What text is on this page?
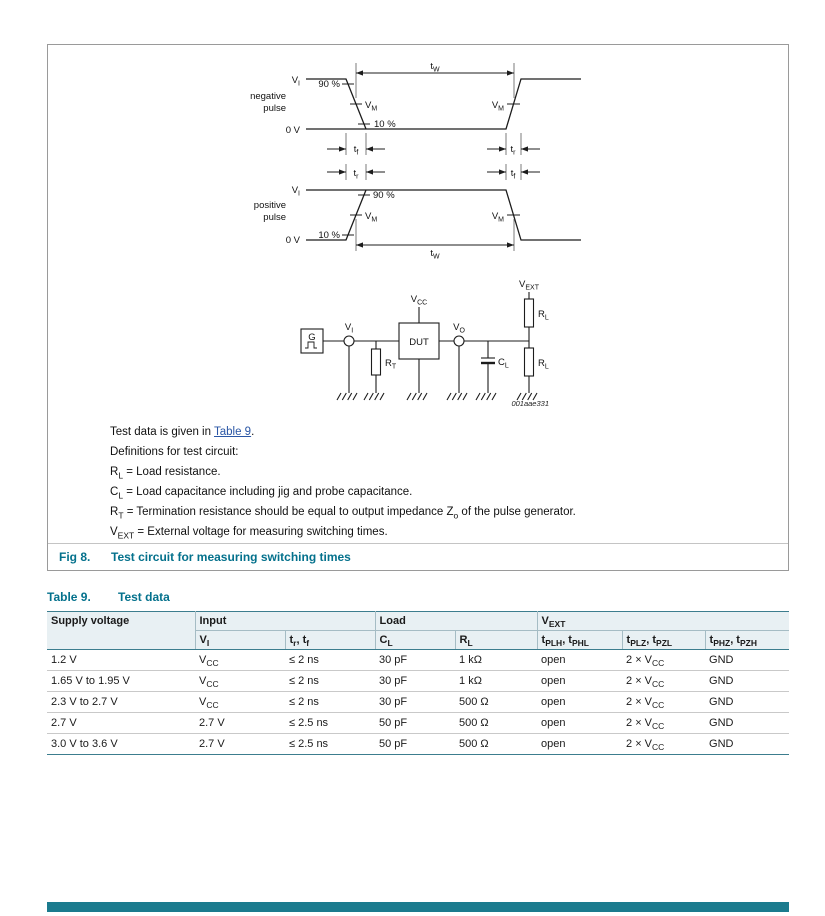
$V_I$
negative
pulse
0 V
90 %
$V_M$
10 %
$V_M$
$t_W$
$t_f$	$t_r$
$t_r$	$t_f$
$V_I$
positive
pulse
0 V 10 %
90 %
$V_M$	$V_M$
$t_W$
G	DUT
$V_{CC}$
$V_{EXT}$
$V_I$	$V_O$
$R_T$	$C_L$
$R_L$
$R_L$
001aae331

Test data is given in Table 9.

Definitions for test circuit:

$R_L$ = Load resistance.

$C_L$ = Load capacitance including jig and probe capacitance.

$R_T$ = Termination resistance should be equal to output impedance $Z_o$ of the pulse generator.

$V_{EXT}$ = External voltage for measuring switching times.

Fig 8.	Test circuit for measuring switching times
Table 9. Test data
Supply voltage	Input		Load		$V_{EXT}$
	$V_I$	$t_r$, $t_f$	$C_L$	$R_L$	$t_{PLH}$, $t_{PHL}$	$t_{PLZ}$, $t_{PZL}$	$t_{PHZ}$, $t_{PZH}$
1.2 V	$V_{CC}$	≤ 2 ns	30 pF	1 kΩ	open	$2 \times V_{CC}$	GND
1.65 V to 1.95 V	$V_{CC}$	≤ 2 ns	30 pF	1 kΩ	open	$2 \times V_{CC}$	GND
2.3 V to 2.7 V	$V_{CC}$	≤ 2 ns	30 pF	500 Ω	open	$2 \times V_{CC}$	GND
2.7 V	2.7 V	≤ 2.5 ns	50 pF	500 Ω	open	$2 \times V_{CC}$	GND
3.0 V to 3.6 V	2.7 V	≤ 2.5 ns	50 pF	500 Ω	open	$2 \times V_{CC}$	GND
